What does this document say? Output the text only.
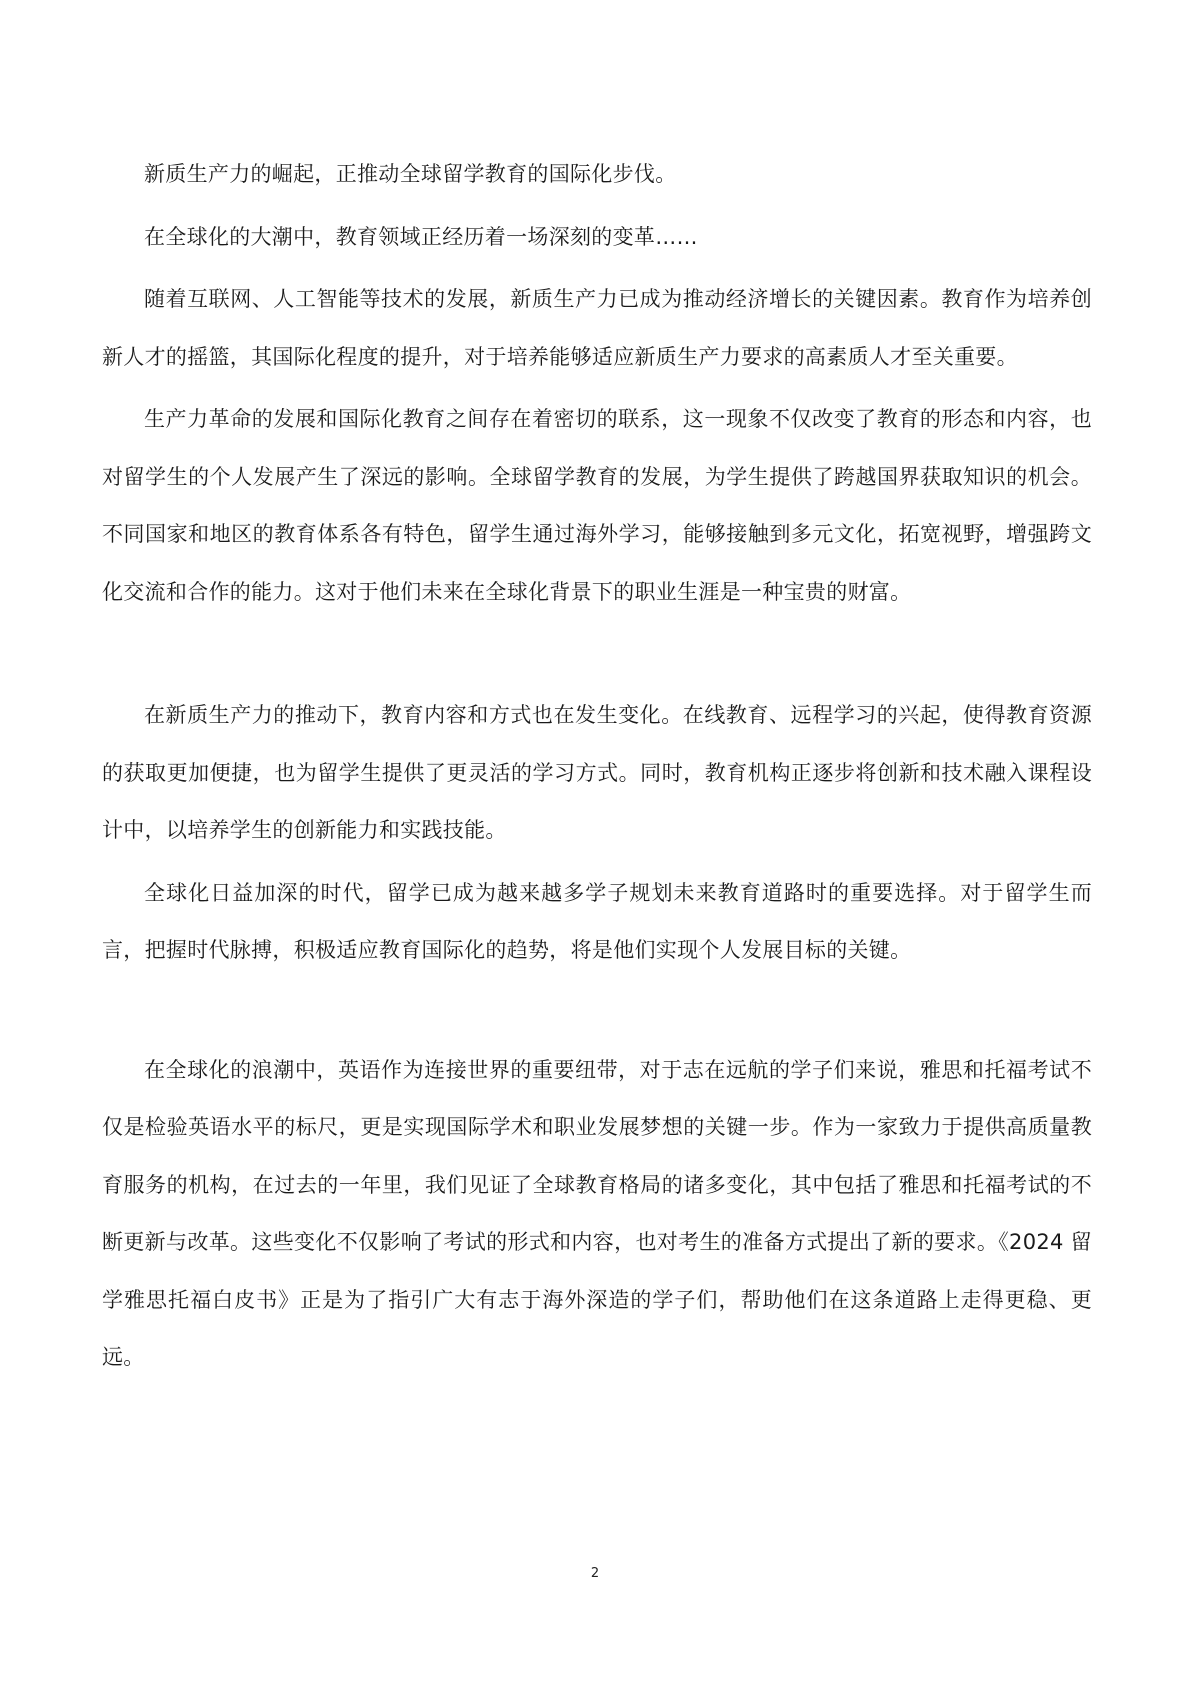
新质生产力的崛起，正推动全球留学教育的国际化步伐。

在全球化的大潮中，教育领域正经历着一场深刻的变革……

随着互联网、人工智能等技术的发展，新质生产力已成为推动经济增长的关键因素。教育作为培养创新人才的摇篮，其国际化程度的提升，对于培养能够适应新质生产力要求的高素质人才至关重要。

生产力革命的发展和国际化教育之间存在着密切的联系，这一现象不仅改变了教育的形态和内容，也对留学生的个人发展产生了深远的影响。全球留学教育的发展，为学生提供了跨越国界获取知识的机会。不同国家和地区的教育体系各有特色，留学生通过海外学习，能够接触到多元文化，拓宽视野，增强跨文化交流和合作的能力。这对于他们未来在全球化背景下的职业生涯是一种宝贵的财富。

在新质生产力的推动下，教育内容和方式也在发生变化。在线教育、远程学习的兴起，使得教育资源的获取更加便捷，也为留学生提供了更灵活的学习方式。同时，教育机构正逐步将创新和技术融入课程设计中，以培养学生的创新能力和实践技能。

全球化日益加深的时代，留学已成为越来越多学子规划未来教育道路时的重要选择。对于留学生而言，把握时代脉搏，积极适应教育国际化的趋势，将是他们实现个人发展目标的关键。

在全球化的浪潮中，英语作为连接世界的重要纽带，对于志在远航的学子们来说，雅思和托福考试不仅是检验英语水平的标尺，更是实现国际学术和职业发展梦想的关键一步。作为一家致力于提供高质量教育服务的机构，在过去的一年里，我们见证了全球教育格局的诸多变化，其中包括了雅思和托福考试的不断更新与改革。这些变化不仅影响了考试的形式和内容，也对考生的准备方式提出了新的要求。《2024 留学雅思托福白皮书》正是为了指引广大有志于海外深造的学子们，帮助他们在这条道路上走得更稳、更远。

2
